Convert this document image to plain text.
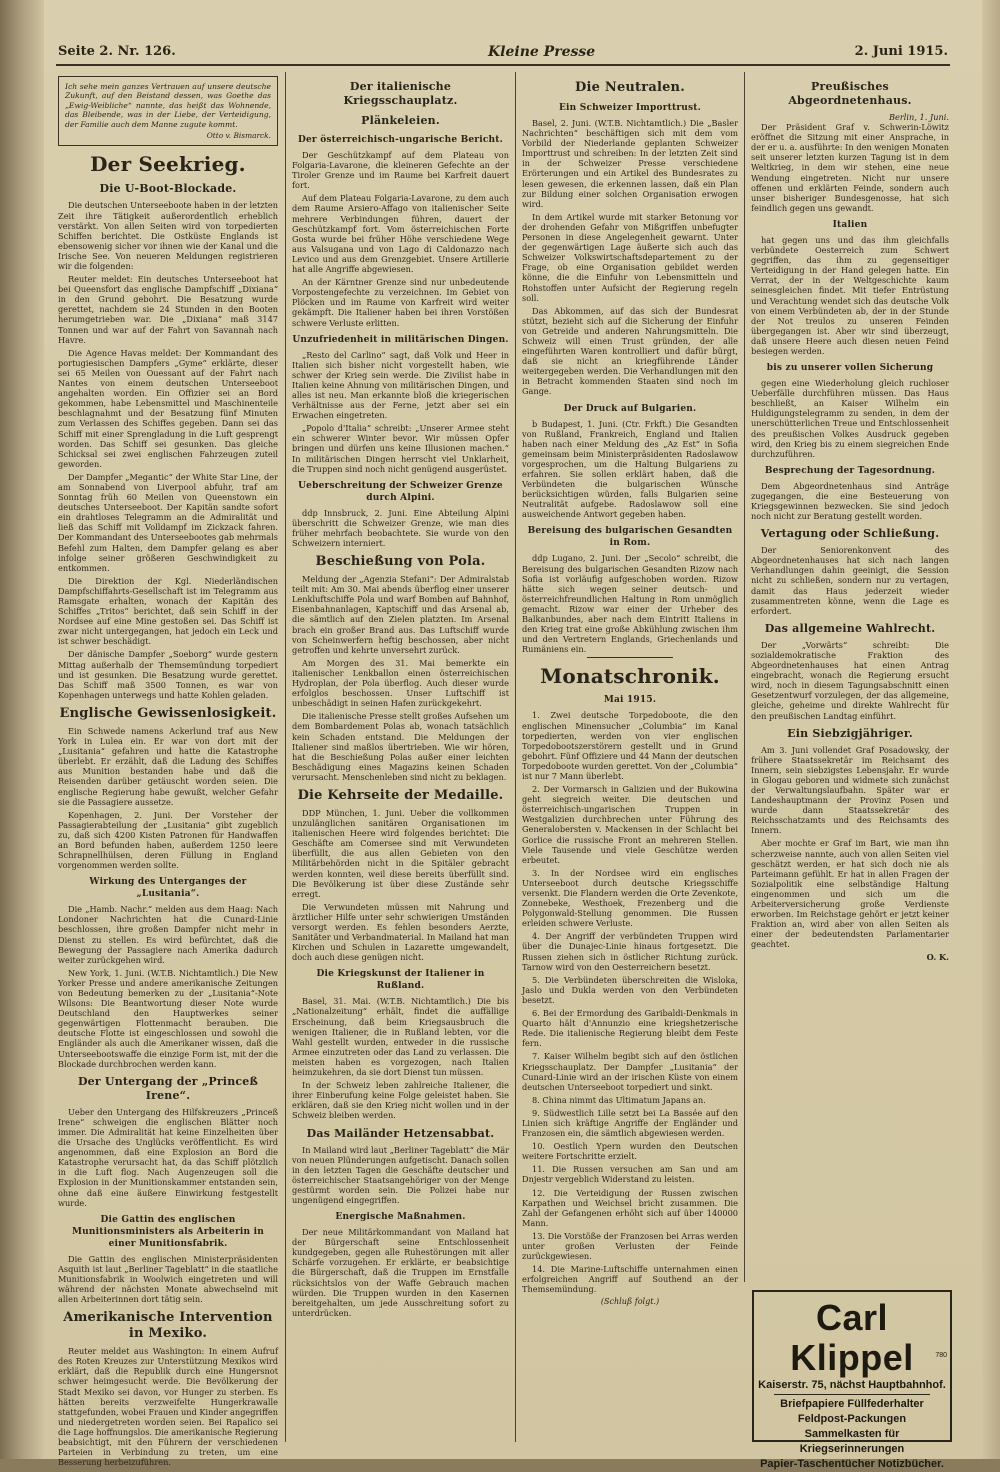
Seite 2. Nr. 126.	Kleine Presse	2. Juni 1915.
Ich sehe mein ganzes Vertrauen auf unsere deutsche Zukunft, auf den Beistand dessen, was Goethe das „Ewig-Weibliche“ nannte, das heißt das Wohnende, das Bleibende, was in der Liebe, der Verteidigung, der Familie auch dem Manne zugute kommt.
Otto v. Bismarck.
Der Seekrieg.
Die U-Boot-Blockade.

Die deutschen Unterseeboote haben in der letzten Zeit ihre Tätigkeit außerordentlich erheblich verstärkt. Von allen Seiten wird von torpedierten Schiffen berichtet. Die Ostküste Englands ist ebensowenig sicher vor ihnen wie der Kanal und die Irische See. Von neueren Meldungen registrieren wir die folgenden:

Reuter meldet: Ein deutsches Unterseeboot hat bei Queensfort das englische Dampfschiff „Dixiana“ in den Grund gebohrt. Die Besatzung wurde gerettet, nachdem sie 24 Stunden in den Booten herumgetrieben war. Die „Dixiana“ maß 3147 Tonnen und war auf der Fahrt von Savannah nach Havre.

Die Agence Havas meldet: Der Kommandant des portugiesischen Dampfers „Gyme“ erklärte, dieser sei 65 Meilen von Ouessant auf der Fahrt nach Nantes von einem deutschen Unterseeboot angehalten worden. Ein Offizier sei an Bord gekommen, habe Lebensmittel und Maschinenteile beschlagnahmt und der Besatzung fünf Minuten zum Verlassen des Schiffes gegeben. Dann sei das Schiff mit einer Sprengladung in die Luft gesprengt worden. Das Schiff sei gesunken. Das gleiche Schicksal sei zwei englischen Fahrzeugen zuteil geworden.

Der Dampfer „Megantic“ der White Star Line, der am Sonnabend von Liverpool abfuhr, traf am Sonntag früh 60 Meilen von Queenstown ein deutsches Unterseeboot. Der Kapitän sandte sofort ein drahtloses Telegramm an die Admiralität und ließ das Schiff mit Volldampf im Zickzack fahren. Der Kommandant des Unterseebootes gab mehrmals Befehl zum Halten, dem Dampfer gelang es aber infolge seiner größeren Geschwindigkeit zu entkommen.

Die Direktion der Kgl. Niederländischen Dampfschiffahrts-Gesellschaft ist im Telegramm aus Ramsgate erhalten, wonach der Kapitän des Schiffes „Tritos“ berichtet, daß sein Schiff in der Nordsee auf eine Mine gestoßen sei. Das Schiff ist zwar nicht untergegangen, hat jedoch ein Leck und ist schwer beschädigt.

Der dänische Dampfer „Soeborg“ wurde gestern Mittag außerhalb der Themsemündung torpediert und ist gesunken. Die Besatzung wurde gerettet. Das Schiff maß 3500 Tonnen, es war von Kopenhagen unterwegs und hatte Kohlen geladen.

Englische Gewissenlosigkeit.

Ein Schwede namens Ackerlund traf aus New York in Lulea ein. Er war von dort mit der „Lusitania“ gefahren und hatte die Katastrophe überlebt. Er erzählt, daß die Ladung des Schiffes aus Munition bestanden habe und daß die Reisenden darüber getäuscht worden seien. Die englische Regierung habe gewußt, welcher Gefahr sie die Passagiere aussetze.

Kopenhagen, 2. Juni. Der Vorsteher der Passagierabteilung der „Lusitania“ gibt zugeblich zu, daß sich 4200 Kisten Patronen für Handwaffen an Bord befunden haben, außerdem 1250 leere Schrapnellhülsen, deren Füllung in England vorgenommen werden sollte.

Wirkung des Unterganges der „Lusitania“.

Die „Hamb. Nachr.“ melden aus dem Haag: Nach Londoner Nachrichten hat die Cunard-Linie beschlossen, ihre großen Dampfer nicht mehr in Dienst zu stellen. Es wird befürchtet, daß die Bewegung der Passagiere nach Amerika dadurch weiter zurückgehen wird.

New York, 1. Juni. (W.T.B. Nichtamtlich.) Die New Yorker Presse und andere amerikanische Zeitungen von Bedeutung bemerken zu der „Lusitania“-Note Wilsons: Die Beantwortung dieser Note wurde Deutschland den Hauptwerkes seiner gegenwärtigen Flottenmacht berauben. Die deutsche Flotte ist eingeschlossen und sowohl die Engländer als auch die Amerikaner wissen, daß die Unterseebootswaffe die einzige Form ist, mit der die Blockade durchbrochen werden kann.

Der Untergang der „Princeß Irene“.

Ueber den Untergang des Hilfskreuzers „Princeß Irene“ schweigen die englischen Blätter noch immer. Die Admiralität hat keine Einzelheiten über die Ursache des Unglücks veröffentlicht. Es wird angenommen, daß eine Explosion an Bord die Katastrophe verursacht hat, da das Schiff plötzlich in die Luft flog. Nach Augenzeugen soll die Explosion in der Munitionskammer entstanden sein, ohne daß eine äußere Einwirkung festgestellt wurde.

Die Gattin des englischen Munitionsministers als Arbeiterin in einer Munitionsfabrik.

Die Gattin des englischen Ministerpräsidenten Asquith ist laut „Berliner Tageblatt“ in die staatliche Munitionsfabrik in Woolwich eingetreten und will während der nächsten Monate abwechselnd mit allen Arbeiterinnen dort tätig sein.

Amerikanische Intervention in Mexiko.

Reuter meldet aus Washington: In einem Aufruf des Roten Kreuzes zur Unterstützung Mexikos wird erklärt, daß die Republik durch eine Hungersnot schwer heimgesucht werde. Die Bevölkerung der Stadt Mexiko sei davon, vor Hunger zu sterben. Es hätten bereits verzweifelte Hungerkrawalle stattgefunden, wobei Frauen und Kinder angegriffen und niedergetreten worden seien. Bei Rapalico sei die Lage hoffnungslos. Die amerikanische Regierung beabsichtigt, mit den Führern der verschiedenen Parteien in Verbindung zu treten, um eine Besserung herbeizuführen.

Der italienische Kriegsschauplatz.
Plänkeleien.
Der österreichisch-ungarische Bericht.

Der Geschützkampf auf dem Plateau von Folgaria-Lavarone, die kleineren Gefechte an der Tiroler Grenze und im Raume bei Karfreit dauert fort.

Auf dem Plateau Folgaria-Lavarone, zu dem auch dem Raume Arsiero-Affago von italienischer Seite mehrere Verbindungen führen, dauert der Geschützkampf fort. Vom österreichischen Forte Gosta wurde bei früher Höhe verschiedene Wege aus Valsugana und von Lago di Caldonazzo nach Levico und aus dem Grenzgebiet. Unsere Artillerie hat alle Angriffe abgewiesen.

An der Kärntner Grenze sind nur unbedeutende Vorpostengefechte zu verzeichnen. Im Gebiet von Plöcken und im Raume von Karfreit wird weiter gekämpft. Die Italiener haben bei ihren Vorstößen schwere Verluste erlitten.

Unzufriedenheit in militärischen Dingen.

„Resto del Carlino“ sagt, daß Volk und Heer in Italien sich bisher nicht vorgestellt haben, wie schwer der Krieg sein werde. Die Zivilist habe in Italien keine Ahnung von militärischen Dingen, und alles ist neu. Man erkannte bloß die kriegerischen Verhältnisse aus der Ferne, jetzt aber sei ein Erwachen eingetreten.

„Popolo d'Italia“ schreibt: „Unserer Armee steht ein schwerer Winter bevor. Wir müssen Opfer bringen und dürfen uns keine Illusionen machen.“ In militärischen Dingen herrscht viel Unklarheit, die Truppen sind noch nicht genügend ausgerüstet.

Ueberschreitung der Schweizer Grenze durch Alpini.

ddp Innsbruck, 2. Juni. Eine Abteilung Alpini überschritt die Schweizer Grenze, wie man dies früher mehrfach beobachtete. Sie wurde von den Schweizern interniert.

Beschießung von Pola.

Meldung der „Agenzia Stefani“: Der Admiralstab teilt mit: Am 30. Mai abends überflog einer unserer Lenkluftschiffe Pola und warf Bomben auf Bahnhof, Eisenbahnanlagen, Kaptschiff und das Arsenal ab, die sämtlich auf den Zielen platzten. Im Arsenal brach ein großer Brand aus. Das Luftschiff wurde von Scheinwerfern heftig beschossen, aber nicht getroffen und kehrte unversehrt zurück.

Am Morgen des 31. Mai bemerkte ein italienischer Lenkballon einen österreichischen Hydroplan, der Pola überflog. Auch dieser wurde erfolglos beschossen. Unser Luftschiff ist unbeschädigt in seinen Hafen zurückgekehrt.

Die italienische Presse stellt großes Aufsehen um dem Bombardement Polas ab, wonach tatsächlich kein Schaden entstand. Die Meldungen der Italiener sind maßlos übertrieben. Wie wir hören, hat die Beschießung Polas außer einer leichten Beschädigung eines Magazins keinen Schaden verursacht. Menschenleben sind nicht zu beklagen.

Die Kehrseite der Medaille.

DDP München, 1. Juni. Ueber die vollkommen unzulänglichen sanitären Organisationen im italienischen Heere wird folgendes berichtet: Die Geschäfte am Comersee sind mit Verwundeten überfüllt, die aus allen Gebieten von den Militärbehörden nicht in die Spitäler gebracht werden konnten, weil diese bereits überfüllt sind. Die Bevölkerung ist über diese Zustände sehr erregt.

Die Verwundeten müssen mit Nahrung und ärztlicher Hilfe unter sehr schwierigen Umständen versorgt werden. Es fehlen besonders Aerzte, Sanitäter und Verbandmaterial. In Mailand hat man Kirchen und Schulen in Lazarette umgewandelt, doch auch diese genügen nicht.

Die Kriegskunst der Italiener in Rußland.

Basel, 31. Mai. (W.T.B. Nichtamtlich.) Die bis „Nationalzeitung“ erhält, findet die auffällige Erscheinung, daß beim Kriegsausbruch die wenigen Italiener, die in Rußland lebten, vor die Wahl gestellt wurden, entweder in die russische Armee einzutreten oder das Land zu verlassen. Die meisten haben es vorgezogen, nach Italien heimzukehren, da sie dort Dienst tun müssen.

In der Schweiz leben zahlreiche Italiener, die ihrer Einberufung keine Folge geleistet haben. Sie erklären, daß sie den Krieg nicht wollen und in der Schweiz bleiben werden.

Das Mailänder Hetzensabbat.

In Mailand wird laut „Berliner Tageblatt“ die Mär von neuen Plünderungen aufgetischt. Danach sollen in den letzten Tagen die Geschäfte deutscher und österreichischer Staatsangehöriger von der Menge gestürmt worden sein. Die Polizei habe nur ungenügend eingegriffen.

Energische Maßnahmen.

Der neue Militärkommandant von Mailand hat der Bürgerschaft seine Entschlossenheit kundgegeben, gegen alle Ruhestörungen mit aller Schärfe vorzugehen. Er erklärte, er beabsichtige die Bürgerschaft, daß die Truppen im Ernstfalle rücksichtslos von der Waffe Gebrauch machen würden. Die Truppen wurden in den Kasernen bereitgehalten, um jede Ausschreitung sofort zu unterdrücken.

Die Neutralen.
Ein Schweizer Importtrust.

Basel, 2. Juni. (W.T.B. Nichtamtlich.) Die „Basler Nachrichten“ beschäftigen sich mit dem vom Vorbild der Niederlande geplanten Schweizer Importtrust und schreiben: In der letzten Zeit sind in der Schweizer Presse verschiedene Erörterungen und ein Artikel des Bundesrates zu lesen gewesen, die erkennen lassen, daß ein Plan zur Bildung einer solchen Organisation erwogen wird.

In dem Artikel wurde mit starker Betonung vor der drohenden Gefahr von Mißgriffen unbefugter Personen in diese Angelegenheit gewarnt. Unter der gegenwärtigen Lage äußerte sich auch das Schweizer Volkswirtschaftsdepartement zu der Frage, ob eine Organisation gebildet werden könne, die die Einfuhr von Lebensmitteln und Rohstoffen unter Aufsicht der Regierung regeln soll.

Das Abkommen, auf das sich der Bundesrat stützt, bezieht sich auf die Sicherung der Einfuhr von Getreide und anderen Nahrungsmitteln. Die Schweiz will einen Trust gründen, der alle eingeführten Waren kontrolliert und dafür bürgt, daß sie nicht an kriegführende Länder weitergegeben werden. Die Verhandlungen mit den in Betracht kommenden Staaten sind noch im Gange.

Der Druck auf Bulgarien.

b Budapest, 1. Juni. (Ctr. Frkft.) Die Gesandten von Rußland, Frankreich, England und Italien haben nach einer Meldung des „Az Est“ in Sofia gemeinsam beim Ministerpräsidenten Radoslawow vorgesprochen, um die Haltung Bulgariens zu erfahren. Sie sollen erklärt haben, daß die Verbündeten die bulgarischen Wünsche berücksichtigen würden, falls Bulgarien seine Neutralität aufgebe. Radoslawow soll eine ausweichende Antwort gegeben haben.

Bereisung des bulgarischen Gesandten in Rom.

ddp Lugano, 2. Juni. Der „Secolo“ schreibt, die Bereisung des bulgarischen Gesandten Rizow nach Sofia ist vorläufig aufgeschoben worden. Rizow hätte sich wegen seiner deutsch- und österreichfreundlichen Haltung in Rom unmöglich gemacht. Rizow war einer der Urheber des Balkanbundes, aber nach dem Eintritt Italiens in den Krieg trat eine große Abkühlung zwischen ihm und den Vertretern Englands, Griechenlands und Rumäniens ein.

Monatschronik.
Mai 1915.

1. Zwei deutsche Torpedoboote, die den englischen Minensucher „Columbia“ im Kanal torpedierten, werden von vier englischen Torpedobootszerstörern gestellt und in Grund gebohrt. Fünf Offiziere und 44 Mann der deutschen Torpedoboote wurden gerettet. Von der „Columbia“ ist nur 7 Mann überlebt.

2. Der Vormarsch in Galizien und der Bukowina geht siegreich weiter. Die deutschen und österreichisch-ungarischen Truppen in Westgalizien durchbrechen unter Führung des Generalobersten v. Mackensen in der Schlacht bei Gorlice die russische Front an mehreren Stellen. Viele Tausende und viele Geschütze werden erbeutet.

3. In der Nordsee wird ein englisches Unterseeboot durch deutsche Kriegsschiffe versenkt. Die Flandern werden die Orte Zevenkote, Zonnebeke, Westhoek, Frezenberg und die Polygonwald-Stellung genommen. Die Russen erleiden schwere Verluste.

4. Der Angriff der verbündeten Truppen wird über die Dunajec-Linie hinaus fortgesetzt. Die Russen ziehen sich in östlicher Richtung zurück. Tarnow wird von den Oesterreichern besetzt.

5. Die Verbündeten überschreiten die Wisloka, Jaslo und Dukla werden von den Verbündeten besetzt.

6. Bei der Ermordung des Garibaldi-Denkmals in Quarto hält d'Annunzio eine kriegshetzerische Rede. Die italienische Regierung bleibt dem Feste fern.

7. Kaiser Wilhelm begibt sich auf den östlichen Kriegsschauplatz. Der Dampfer „Lusitania“ der Cunard-Linie wird an der irischen Küste von einem deutschen Unterseeboot torpediert und sinkt.

8. China nimmt das Ultimatum Japans an.

9. Südwestlich Lille setzt bei La Bassée auf den Linien sich kräftige Angriffe der Engländer und Franzosen ein, die sämtlich abgewiesen werden.

10. Oestlich Ypern wurden den Deutschen weitere Fortschritte erzielt.

11. Die Russen versuchen am San und am Dnjestr vergeblich Widerstand zu leisten.

12. Die Verteidigung der Russen zwischen Karpathen und Weichsel bricht zusammen. Die Zahl der Gefangenen erhöht sich auf über 140000 Mann.

13. Die Vorstöße der Franzosen bei Arras werden unter großen Verlusten der Feinde zurückgewiesen.

14. Die Marine-Luftschiffe unternahmen einen erfolgreichen Angriff auf Southend an der Themsemündung.

(Schluß folgt.)
Preußisches Abgeordnetenhaus.
Berlin, 1. Juni.

Der Präsident Graf v. Schwerin-Löwitz eröffnet die Sitzung mit einer Ansprache, in der er u. a. ausführte: In den wenigen Monaten seit unserer letzten kurzen Tagung ist in dem Weltkrieg, in dem wir stehen, eine neue Wendung eingetreten. Nicht nur unsere offenen und erklärten Feinde, sondern auch unser bisheriger Bundesgenosse, hat sich feindlich gegen uns gewandt.

Italien

hat gegen uns und das ihm gleichfalls verbündete Oesterreich zum Schwert gegriffen, das ihm zu gegenseitiger Verteidigung in der Hand gelegen hatte. Ein Verrat, der in der Weltgeschichte kaum seinesgleichen findet. Mit tiefer Entrüstung und Verachtung wendet sich das deutsche Volk von einem Verbündeten ab, der in der Stunde der Not treulos zu unseren Feinden übergegangen ist. Aber wir sind überzeugt, daß unsere Heere auch diesen neuen Feind besiegen werden.

bis zu unserer vollen Sicherung

gegen eine Wiederholung gleich ruchloser Ueberfälle durchführen müssen. Das Haus beschließt, an Kaiser Wilhelm ein Huldigungstelegramm zu senden, in dem der unerschütterlichen Treue und Entschlossenheit des preußischen Volkes Ausdruck gegeben wird, den Krieg bis zu einem siegreichen Ende durchzuführen.

Besprechung der Tagesordnung.

Dem Abgeordnetenhaus sind Anträge zugegangen, die eine Besteuerung von Kriegsgewinnen bezwecken. Sie sind jedoch noch nicht zur Beratung gestellt worden.

Vertagung oder Schließung.

Der Seniorenkonvent des Abgeordnetenhauses hat sich nach langen Verhandlungen dahin geeinigt, die Session nicht zu schließen, sondern nur zu vertagen, damit das Haus jederzeit wieder zusammentreten könne, wenn die Lage es erfordert.

Das allgemeine Wahlrecht.

Der „Vorwärts“ schreibt: Die sozialdemokratische Fraktion des Abgeordnetenhauses hat einen Antrag eingebracht, wonach die Regierung ersucht wird, noch in diesem Tagungsabschnitt einen Gesetzentwurf vorzulegen, der das allgemeine, gleiche, geheime und direkte Wahlrecht für den preußischen Landtag einführt.

Ein Siebzigjähriger.

Am 3. Juni vollendet Graf Posadowsky, der frühere Staatssekretär im Reichsamt des Innern, sein siebzigstes Lebensjahr. Er wurde in Glogau geboren und widmete sich zunächst der Verwaltungslaufbahn. Später war er Landeshauptmann der Provinz Posen und wurde dann Staatssekretär des Reichsschatzamts und des Reichsamts des Innern.

Aber mochte er Graf im Bart, wie man ihn scherzweise nannte, auch von allen Seiten viel geschätzt werden, er hat sich doch nie als Parteimann gefühlt. Er hat in allen Fragen der Sozialpolitik eine selbständige Haltung eingenommen und sich um die Arbeiterversicherung große Verdienste erworben. Im Reichstage gehört er jetzt keiner Fraktion an, wird aber von allen Seiten als einer der bedeutendsten Parlamentarier geachtet.

O. K.
Carl Klippel
Kaiserstr. 75, nächst Hauptbahnhof.
Briefpapiere Füllfederhalter
Feldpost-Packungen
Sammelkasten für Kriegserinnerungen
Papier-Taschentücher Notizbücher.
780
